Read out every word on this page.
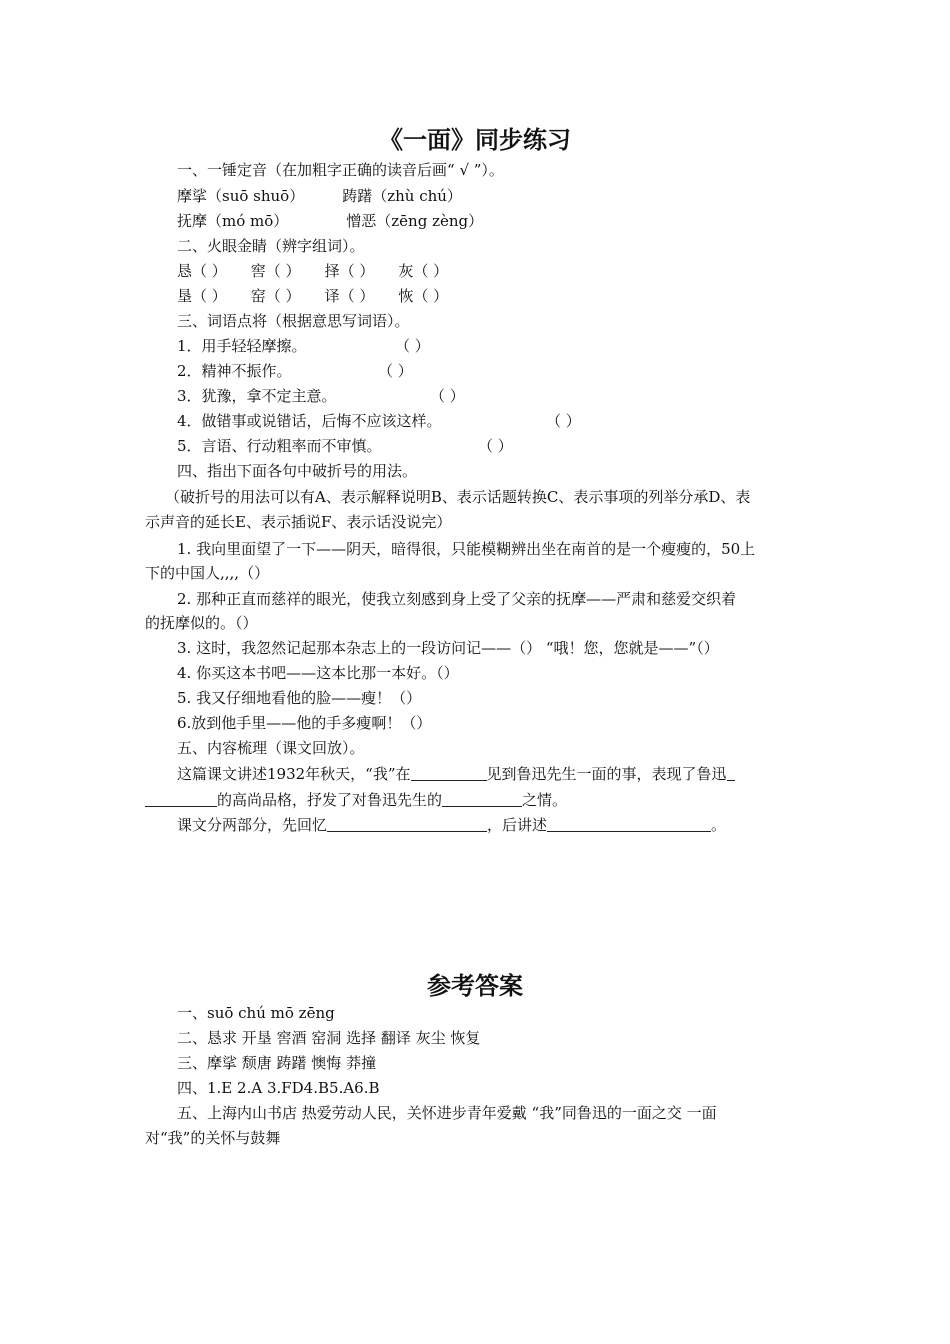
《一面》同步练习
一、一锤定音（在加粗字正确的读音后画“ √ ”）。
摩挲（suō shuō）	踌躇（zhù chú）
抚摩（mó mō）	憎恶（zēng zèng）
二、火眼金睛（辨字组词）。
恳（ ） 窖（ ） 择（ ） 灰（ ）
垦（ ） 窑（ ） 译（ ） 恢（ ）
三、词语点将（根据意思写词语）。
1．用手轻轻摩擦。	（ ）
2．精神不振作。	（ ）
3．犹豫，拿不定主意。	（ ）
4．做错事或说错话，后悔不应该这样。	（ ）
5．言语、行动粗率而不审慎。	（ ）
四、指出下面各句中破折号的用法。
（破折号的用法可以有A、表示解释说明B、表示话题转换C、表示事项的列举分承D、表
示声音的延长E、表示插说F、表示话没说完）
1. 我向里面望了一下——阴天，暗得很，只能模糊辨出坐在南首的是一个瘦瘦的，50上
下的中国人,,,,（）
2. 那种正直而慈祥的眼光，使我立刻感到身上受了父亲的抚摩——严肃和慈爱交织着
的抚摩似的。（）
3. 这时，我忽然记起那本杂志上的一段访问记——（） “哦！您，您就是——”（）
4. 你买这本书吧——这本比那一本好。（）
5. 我又仔细地看他的脸——瘦！（）
6.放到他手里——他的手多瘦啊！（）
五、内容梳理（课文回放）。
这篇课文讲述1932年秋天，“我”在	见到鲁迅先生一面的事，表现了鲁迅
的高尚品格，抒发了对鲁迅先生的	之情。
课文分两部分，先回忆	，后讲述	。
参考答案
一、suō chú mō zēng
二、恳求 开垦 窖酒 窑洞 选择 翻译 灰尘 恢复
三、摩挲 颓唐 踌躇 懊悔 莽撞
四、1.E 2.A 3.FD4.B5.A6.B
五、上海内山书店 热爱劳动人民，关怀进步青年爱戴 “我”同鲁迅的一面之交 一面
对“我”的关怀与鼓舞
